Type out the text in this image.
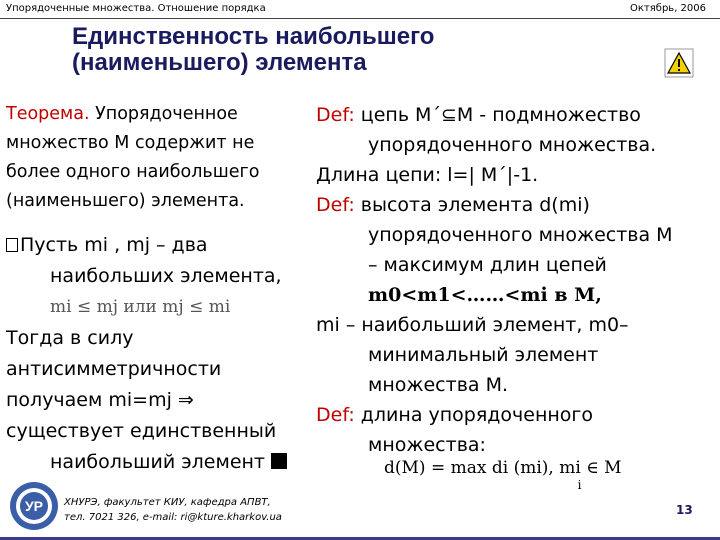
Упорядоченные множества. Отношение порядка	Октябрь, 2006
Единственность наибольшего
(наименьшего) элемента

Теорема. Упорядоченное

множество М содержит не

более одного наибольшего

(наименьшего) элемента.

Пусть mi , mj – два
наибольших элемента,
mi ≤ mj или mj ≤ mi
Тогда в силу
антисимметричности
получаем mi=mj ⇒
существует единственный
наибольший элемент
Def: цепь M´⊆M - подмножество
упорядоченного множества.
Длина цепи: l=| M´|-1.
Def: высота элемента d(mi)
упорядоченного множества M
– максимум длин цепей
m0<m1<……<mi в M,
mi – наибольший элемент, m0–
минимальный элемент
множества M.
Def: длина упорядоченного
множества:
d(M) = max di (mi), mi ∈ $M_i$
УР ХНУРЭ, факультет КИУ, кафедра АПВТ,
тел. 7021 326, e-mail: ri@kture.kharkov.ua
13
